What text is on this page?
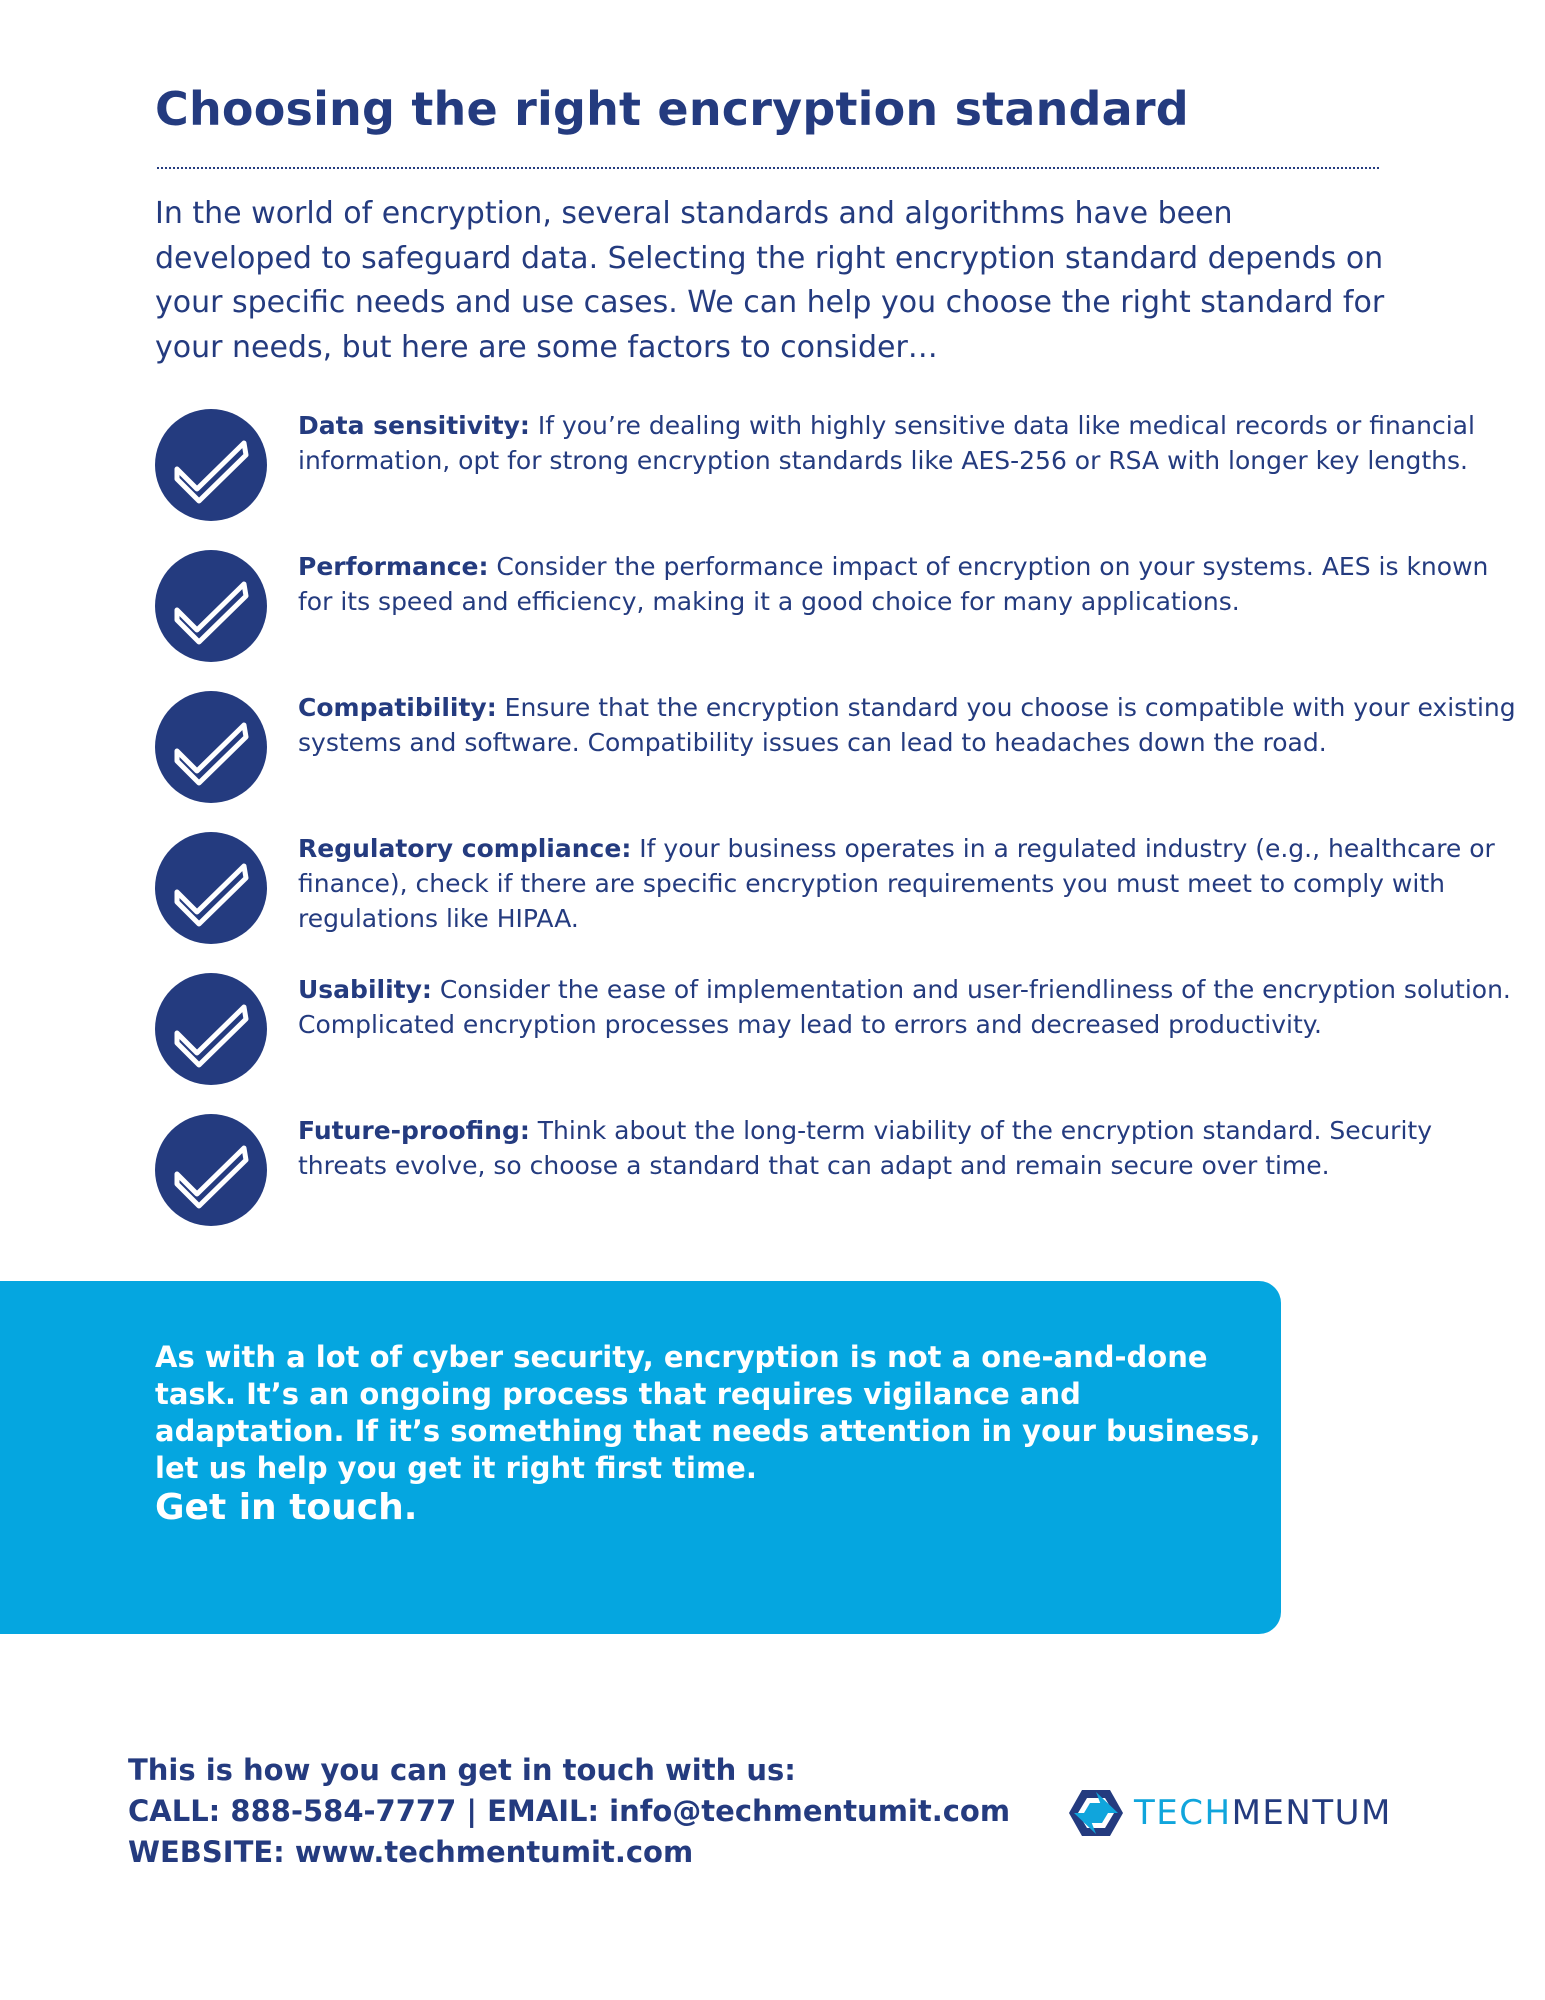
Choosing the right encryption standard

In the world of encryption, several standards and algorithms have been developed to safeguard data. Selecting the right encryption standard depends on your specific needs and use cases. We can help you choose the right standard for your needs, but here are some factors to consider…

Data sensitivity: If you’re dealing with highly sensitive data like medical records or financial information, opt for strong encryption standards like AES-256 or RSA with longer key lengths.

Performance: Consider the performance impact of encryption on your systems. AES is known for its speed and efficiency, making it a good choice for many applications.

Compatibility: Ensure that the encryption standard you choose is compatible with your existing systems and software. Compatibility issues can lead to headaches down the road.

Regulatory compliance: If your business operates in a regulated industry (e.g., healthcare or finance), check if there are specific encryption requirements you must meet to comply with regulations like HIPAA.

Usability: Consider the ease of implementation and user-friendliness of the encryption solution. Complicated encryption processes may lead to errors and decreased productivity.

Future-proofing: Think about the long-term viability of the encryption standard. Security threats evolve, so choose a standard that can adapt and remain secure over time.

As with a lot of cyber security, encryption is not a one-and-done task. It’s an ongoing process that requires vigilance and adaptation. If it’s something that needs attention in your business, let us help you get it right first time.

Get in touch.
This is how you can get in touch with us:
CALL: 888-584-7777 | EMAIL: info@techmentumit.com
WEBSITE: www.techmentumit.com
TECHMENTUM
